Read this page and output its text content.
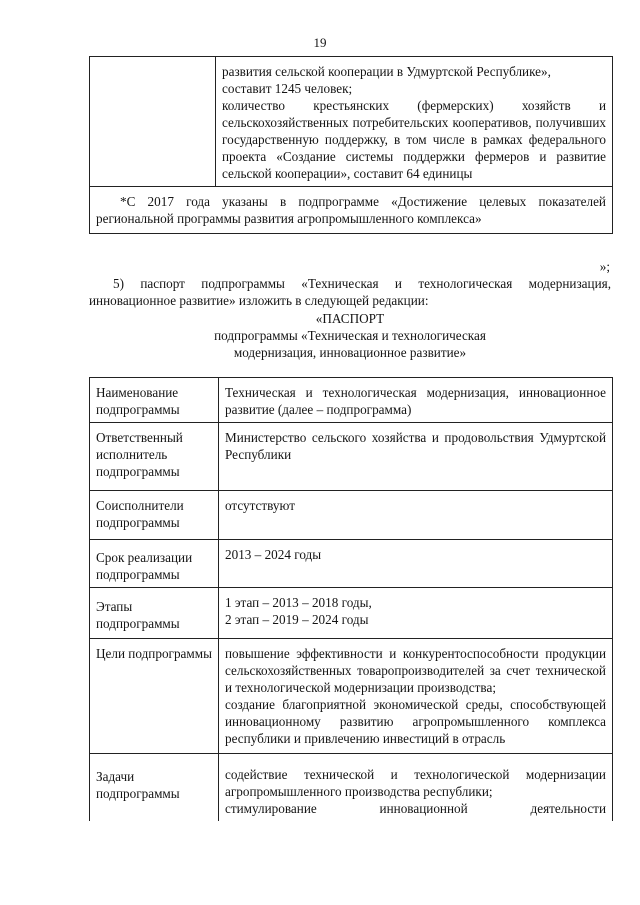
19

развития сельской кооперации в Удмуртской Республике»,

составит 1245 человек;

количество крестьянских (фермерских) хозяйств и сельскохозяйственных потребительских кооперативов, получивших государственную поддержку, в том числе в рамках федерального проекта «Создание системы поддержки фермеров и развитие сельской кооперации», составит 64 единицы

*С 2017 года указаны в подпрограмме «Достижение целевых показателей региональной программы развития агропромышленного комплекса»
»;

5) паспорт подпрограммы «Техническая и технологическая модернизация, инновационное развитие» изложить в следующей редакции:

«ПАСПОРТ
подпрограммы «Техническая и технологическая
модернизация, инновационное развитие»
Наименование подпрограммы
Техническая и технологическая модернизация, инновационное развитие (далее – подпрограмма)
Ответственный исполнитель подпрограммы
Министерство сельского хозяйства и продовольствия Удмуртской Республики
Соисполнители подпрограммы
отсутствуют
Срок реализации подпрограммы
2013 – 2024 годы
Этапы подпрограммы

1 этап – 2013 – 2018 годы,

2 этап – 2019 – 2024 годы

Цели подпрограммы повышение эффективности и конкурентоспособности продукции сельскохозяйственных товаропроизводителей за счет технической и технологической модернизации производства;

создание благоприятной экономической среды, способствующей инновационному развитию агропромышленного комплекса республики и привлечению инвестиций в отрасль

Задачи подпрограммы

содействие технической и технологической модернизации агропромышленного производства республики;

стимулирование инновационной деятельности
